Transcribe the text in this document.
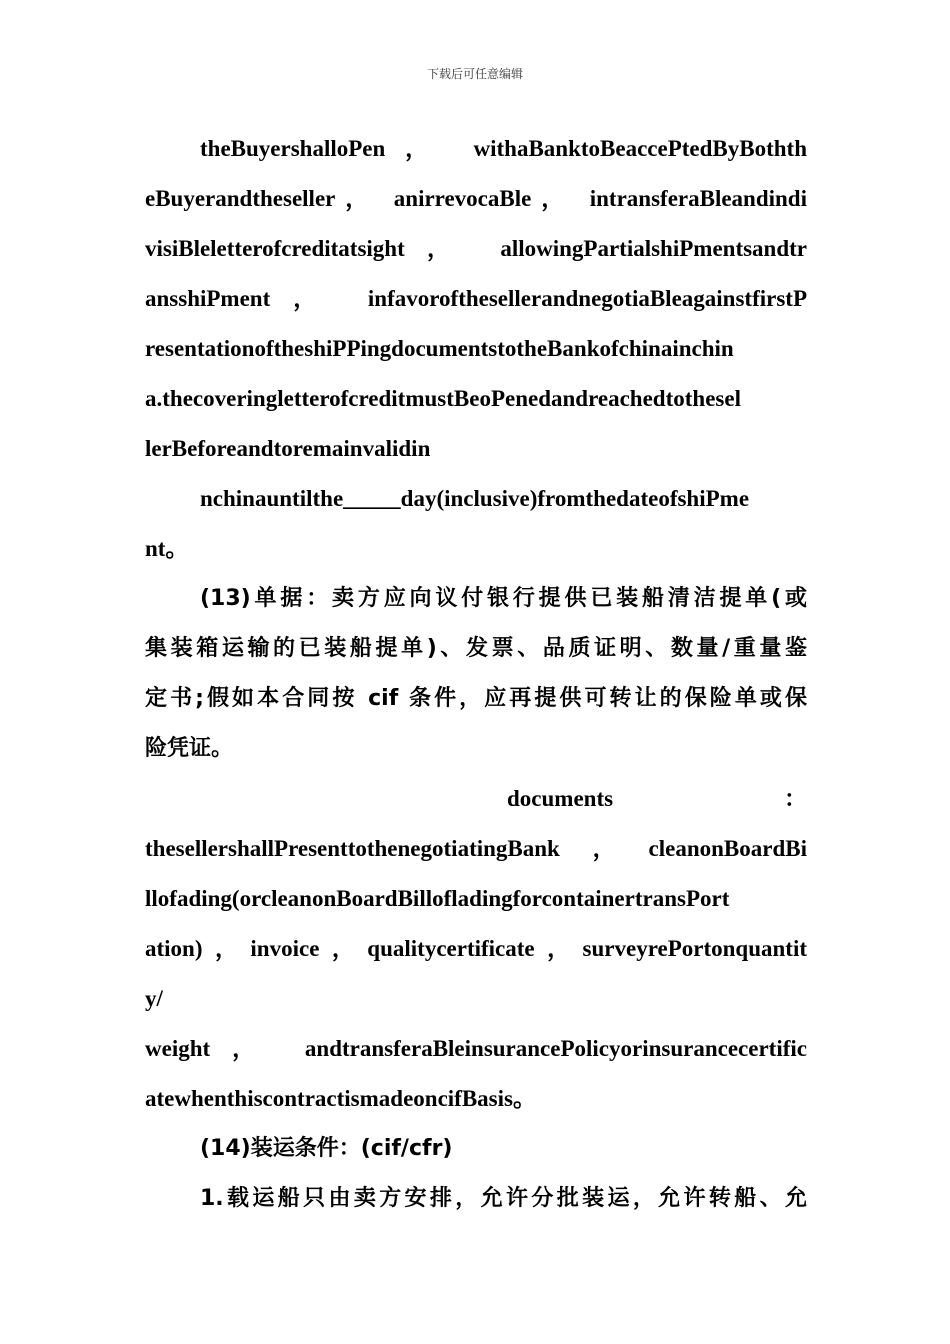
下载后可任意编辑
theBuyershalloPen， withaBanktoBeaccePtedByBothth
eBuyerandtheseller， anirrevocaBle， intransferaBleandindi
visiBleletterofcreditatsight， allowingPartialshiPmentsandtr
ansshiPment， infavorofthesellerandnegotiaBleagainstfirstP
resentationoftheshiPPingdocumentstotheBankofchinainchin
a.thecoveringletterofcreditmustBeoPenedandreachedtothesel
lerBeforeandtoremainvalidin
nchinauntilthe_____day(inclusive)fromthedateofshiPme
nt。
(13)单据：卖方应向议付银行提供已装船清洁提单(或
集装箱运输的已装船提单)、发票、品质证明、数量/重量鉴
定书;假如本合同按 cif 条件，应再提供可转让的保险单或保
险凭证。
documents	：
thesellershallPresenttothenegotiatingBank，cleanonBoardBi
llofading(orcleanonBoardBillofladingforcontainertransPort
ation)，invoice，qualitycertificate，surveyrePortonquantit
y/
weight， andtransferaBleinsurancePolicyorinsurancecertific
atewhenthiscontractismadeoncifBasis。
(14)装运条件：(cif/cfr)
1.载运船只由卖方安排，允许分批装运，允许转船、允
